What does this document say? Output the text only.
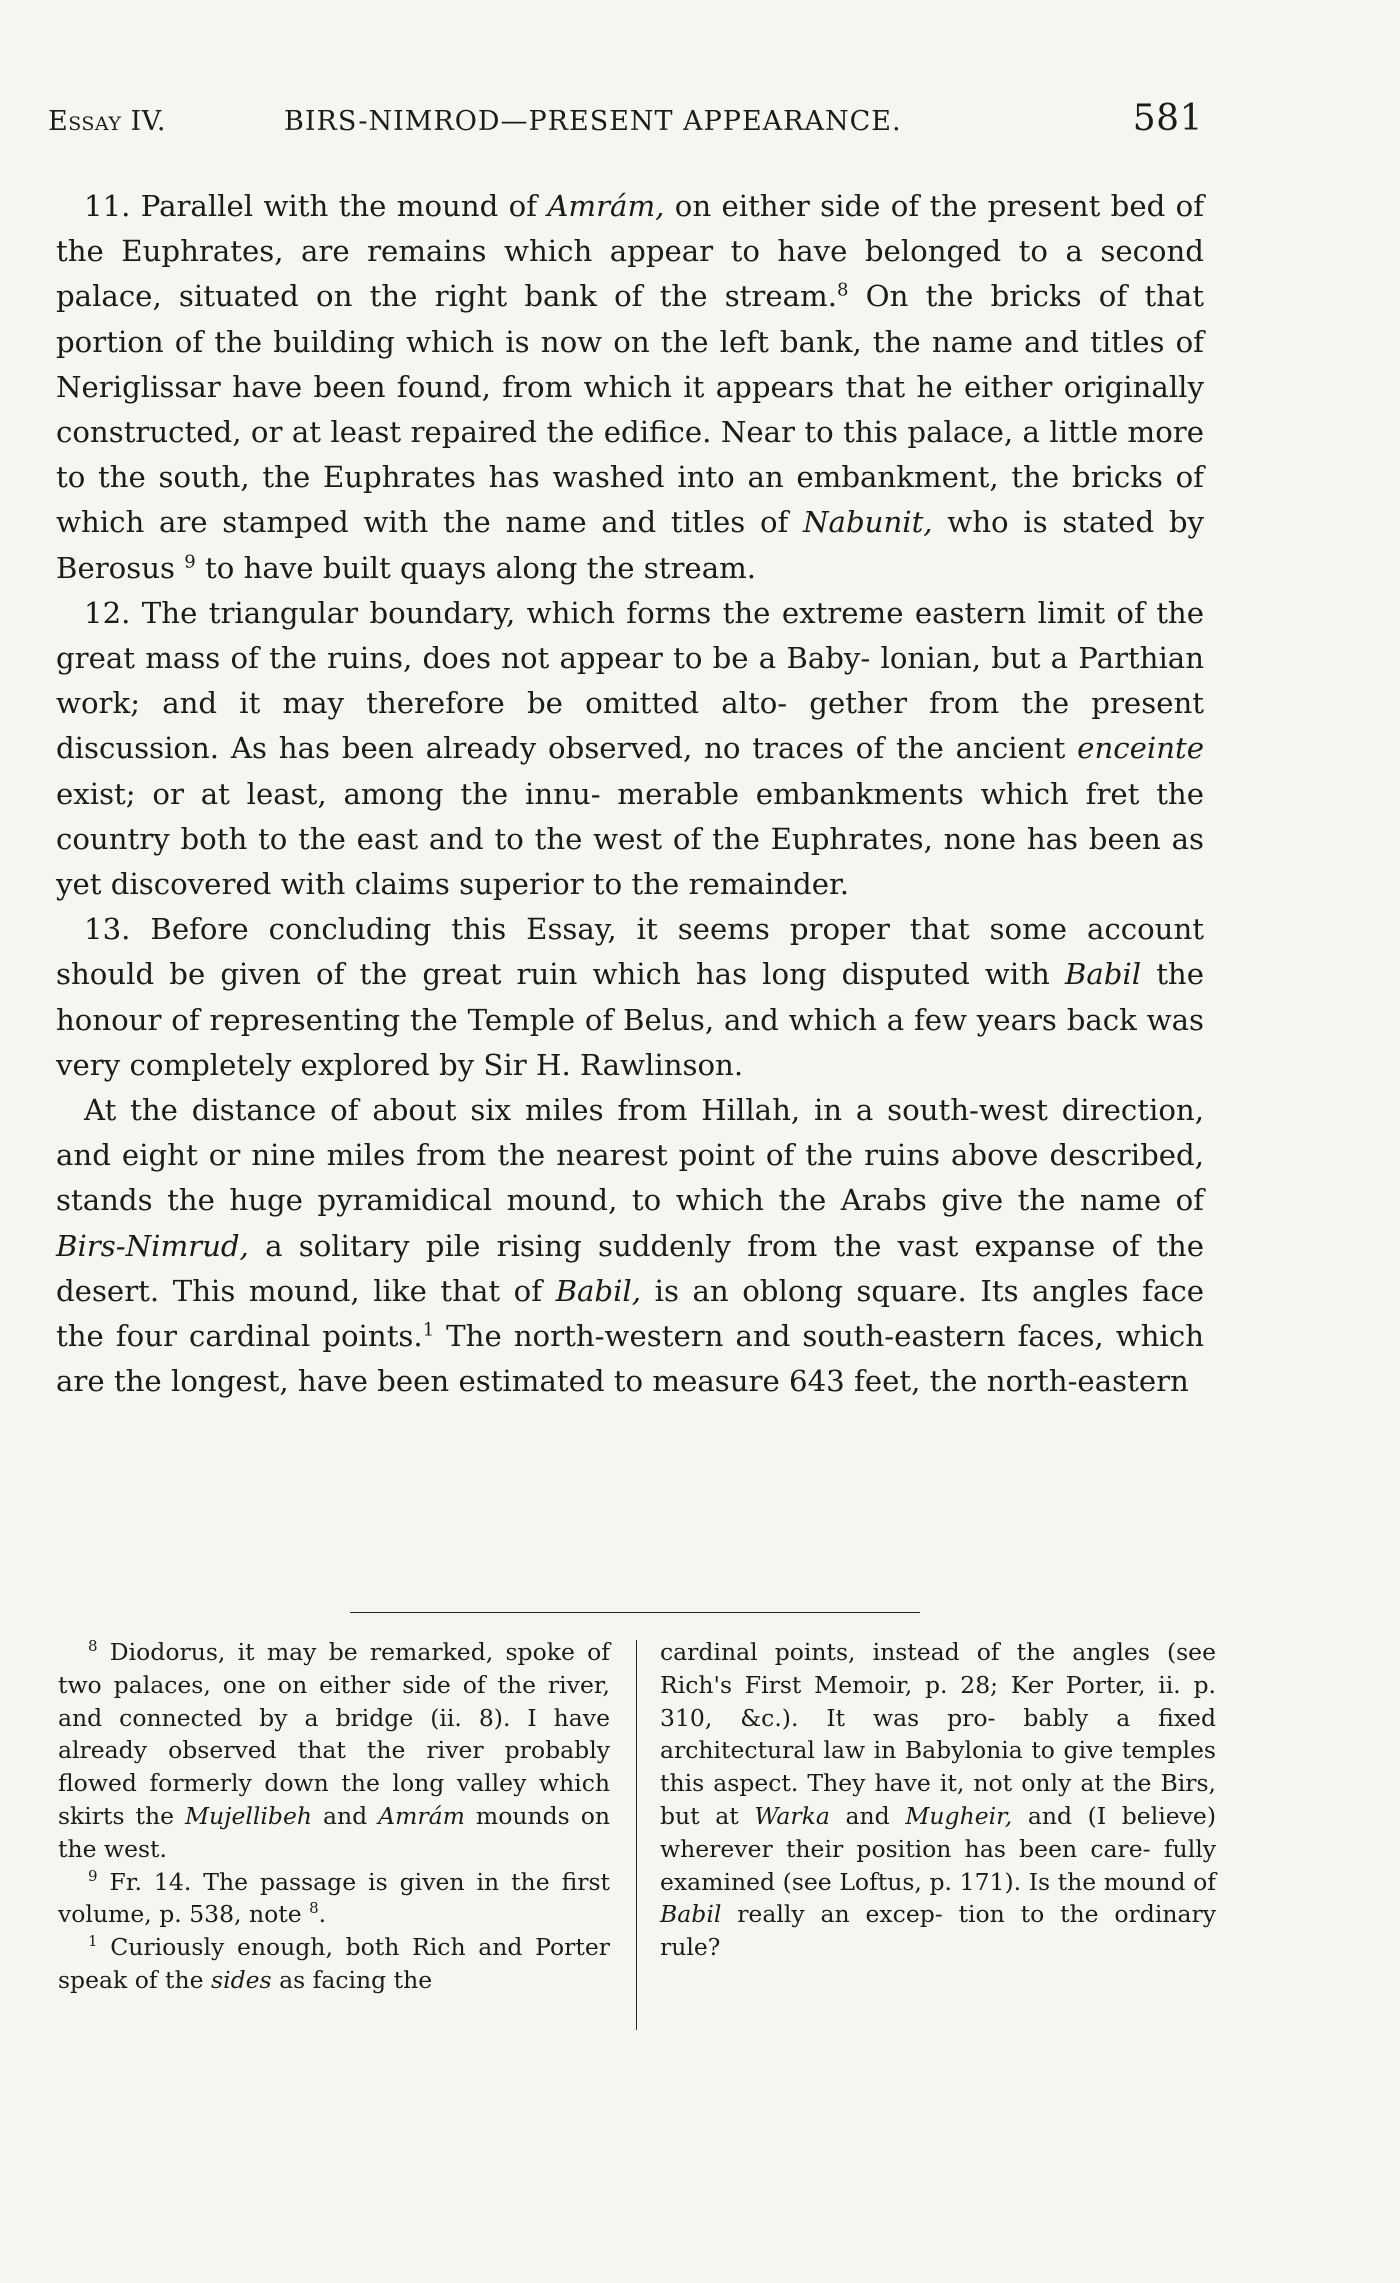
Essay IV.	BIRS-NIMROD—PRESENT APPEARANCE.	581

11. Parallel with the mound of Amrám, on either side of the present bed of the Euphrates, are remains which appear to have belonged to a second palace, situated on the right bank of the stream.$^8$ On the bricks of that portion of the building which is now on the left bank, the name and titles of Neriglissar have been found, from which it appears that he either originally constructed, or at least repaired the edifice. Near to this palace, a little more to the south, the Euphrates has washed into an embankment, the bricks of which are stamped with the name and titles of Nabunit, who is stated by Berosus $^9$ to have built quays along the stream.

12. The triangular boundary, which forms the extreme eastern limit of the great mass of the ruins, does not appear to be a Baby- lonian, but a Parthian work; and it may therefore be omitted alto- gether from the present discussion. As has been already observed, no traces of the ancient enceinte exist; or at least, among the innu- merable embankments which fret the country both to the east and to the west of the Euphrates, none has been as yet discovered with claims superior to the remainder.

13. Before concluding this Essay, it seems proper that some account should be given of the great ruin which has long disputed with Babil the honour of representing the Temple of Belus, and which a few years back was very completely explored by Sir H. Rawlinson.

At the distance of about six miles from Hillah, in a south-west direction, and eight or nine miles from the nearest point of the ruins above described, stands the huge pyramidical mound, to which the Arabs give the name of Birs-Nimrud, a solitary pile rising suddenly from the vast expanse of the desert. This mound, like that of Babil, is an oblong square. Its angles face the four cardinal points.$^1$ The north-western and south-eastern faces, which are the longest, have been estimated to measure 643 feet, the north-eastern

$^8$ Diodorus, it may be remarked, spoke of two palaces, one on either side of the river, and connected by a bridge (ii. 8). I have already observed that the river probably flowed formerly down the long valley which skirts the Mujellibeh and Amrám mounds on the west.

$^9$ Fr. 14. The passage is given in the first volume, p. 538, note $^8$.

$^1$ Curiously enough, both Rich and Porter speak of the sides as facing the

cardinal points, instead of the angles (see Rich's First Memoir, p. 28; Ker Porter, ii. p. 310, &c.). It was pro- bably a fixed architectural law in Babylonia to give temples this aspect. They have it, not only at the Birs, but at Warka and Mugheir, and (I believe) wherever their position has been care- fully examined (see Loftus, p. 171). Is the mound of Babil really an excep- tion to the ordinary rule?
